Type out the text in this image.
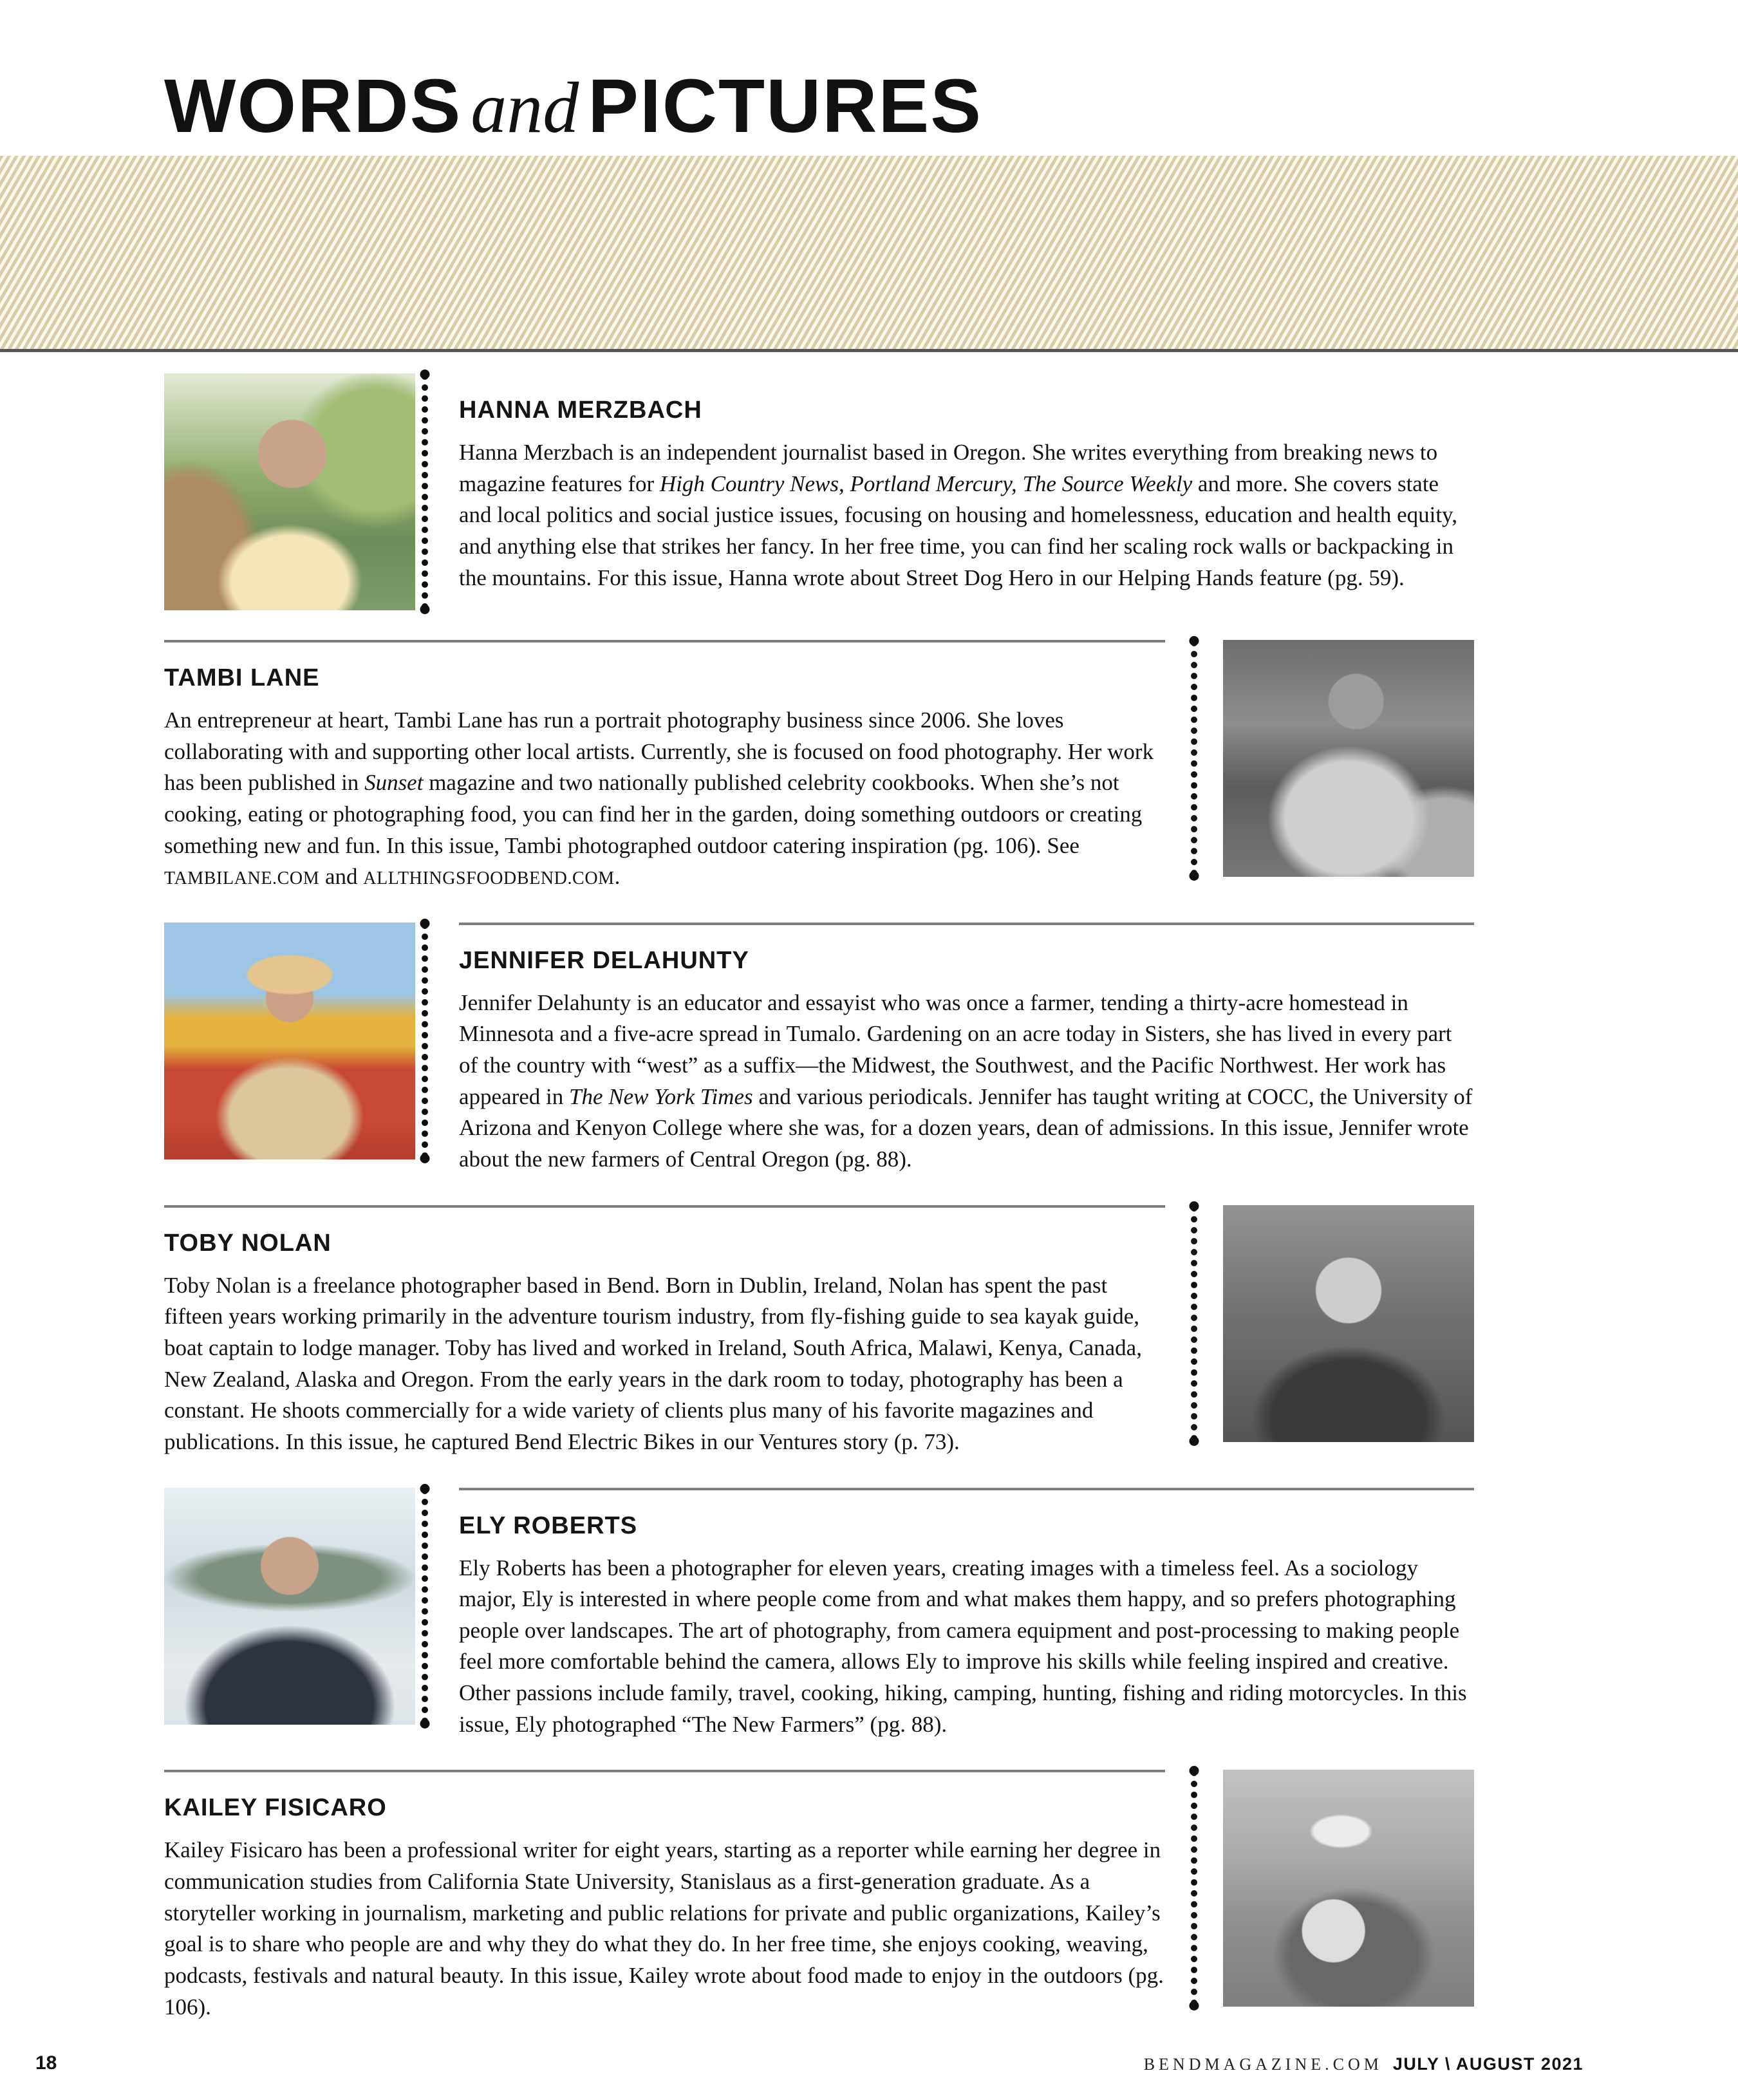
WORDS and PICTURES
HANNA MERZBACH

Hanna Merzbach is an independent journalist based in Oregon. She writes everything from breaking news to magazine features for High Country News, Portland Mercury, The Source Weekly and more. She covers state and local politics and social justice issues, focusing on housing and homelessness, education and health equity, and anything else that strikes her fancy. In her free time, you can find her scaling rock walls or backpacking in the mountains. For this issue, Hanna wrote about Street Dog Hero in our Helping Hands feature (pg. 59).

TAMBI LANE

An entrepreneur at heart, Tambi Lane has run a portrait photography business since 2006. She loves collaborating with and supporting other local artists. Currently, she is focused on food photography. Her work has been published in Sunset magazine and two nationally published celebrity cookbooks. When she’s not cooking, eating or photographing food, you can find her in the garden, doing something outdoors or creating something new and fun. In this issue, Tambi photographed outdoor catering inspiration (pg. 106). See TAMBILANE.COM and ALLTHINGSFOODBEND.COM.

JENNIFER DELAHUNTY

Jennifer Delahunty is an educator and essayist who was once a farmer, tending a thirty-acre homestead in Minnesota and a five-acre spread in Tumalo. Gardening on an acre today in Sisters, she has lived in every part of the country with “west” as a suffix—the Midwest, the Southwest, and the Pacific Northwest. Her work has appeared in The New York Times and various periodicals. Jennifer has taught writing at COCC, the University of Arizona and Kenyon College where she was, for a dozen years, dean of admissions. In this issue, Jennifer wrote about the new farmers of Central Oregon (pg. 88).

TOBY NOLAN

Toby Nolan is a freelance photographer based in Bend. Born in Dublin, Ireland, Nolan has spent the past fifteen years working primarily in the adventure tourism industry, from fly-fishing guide to sea kayak guide, boat captain to lodge manager. Toby has lived and worked in Ireland, South Africa, Malawi, Kenya, Canada, New Zealand, Alaska and Oregon. From the early years in the dark room to today, photography has been a constant. He shoots commercially for a wide variety of clients plus many of his favorite magazines and publications. In this issue, he captured Bend Electric Bikes in our Ventures story (p. 73).

ELY ROBERTS

Ely Roberts has been a photographer for eleven years, creating images with a timeless feel. As a sociology major, Ely is interested in where people come from and what makes them happy, and so prefers photographing people over landscapes. The art of photography, from camera equipment and post-processing to making people feel more comfortable behind the camera, allows Ely to improve his skills while feeling inspired and creative. Other passions include family, travel, cooking, hiking, camping, hunting, fishing and riding motorcycles. In this issue, Ely photographed “The New Farmers” (pg. 88).

KAILEY FISICARO

Kailey Fisicaro has been a professional writer for eight years, starting as a reporter while earning her degree in communication studies from California State University, Stanislaus as a first-generation graduate. As a storyteller working in journalism, marketing and public relations for private and public organizations, Kailey’s goal is to share who people are and why they do what they do. In her free time, she enjoys cooking, weaving, podcasts, festivals and natural beauty. In this issue, Kailey wrote about food made to enjoy in the outdoors (pg. 106).

18	BENDMAGAZINE.COM JULY \ AUGUST 2021
